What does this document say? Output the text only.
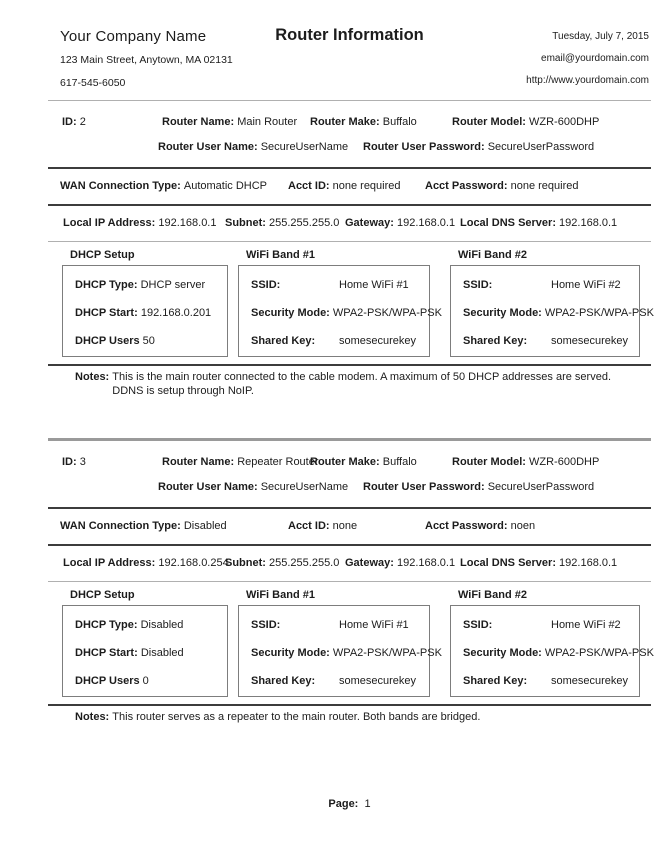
Your Company Name
123 Main Street, Anytown, MA 02131
617-545-6050
Router Information	Tuesday, July 7, 2015
email@yourdomain.com
http://www.yourdomain.com
ID: 2	Router Name: Main Router	Router Make: Buffalo	Router Model: WZR-600DHP
Router User Name: SecureUserName	Router User Password: SecureUserPassword
WAN Connection Type: Automatic DHCP	Acct ID: none required	Acct Password: none required
Local IP Address: 192.168.0.1 Subnet: 255.255.255.0 Gateway: 192.168.0.1 Local DNS Server: 192.168.0.1
DHCP Setup
DHCP Type: DHCP server
DHCP Start: 192.168.0.201
DHCP Users 50
WiFi Band #1
SSID:	Home WiFi #1
Security Mode: WPA2-PSK/WPA-PSK
Shared Key:	somesecurekey
WiFi Band #2
SSID:	Home WiFi #2
Security Mode: WPA2-PSK/WPA-PSK
Shared Key:	somesecurekey
Notes: This is the main router connected to the cable modem. A maximum of 50 DHCP addresses are served. DDNS is setup through NoIP.
ID: 3	Router Name: Repeater Router
Router Make: Buffalo	Router Model: WZR-600DHP
Router User Name: SecureUserName	Router User Password: SecureUserPassword
WAN Connection Type: Disabled	Acct ID: none	Acct Password: noen
Local IP Address: 192.168.0.254
Subnet: 255.255.255.0 Gateway: 192.168.0.1 Local DNS Server: 192.168.0.1
DHCP Setup
DHCP Type: Disabled
DHCP Start: Disabled
DHCP Users 0
WiFi Band #1
SSID:	Home WiFi #1
Security Mode: WPA2-PSK/WPA-PSK
Shared Key:	somesecurekey
WiFi Band #2
SSID:	Home WiFi #2
Security Mode: WPA2-PSK/WPA-PSK
Shared Key:	somesecurekey
Notes: This router serves as a repeater to the main router. Both bands are bridged.
Page: 1
